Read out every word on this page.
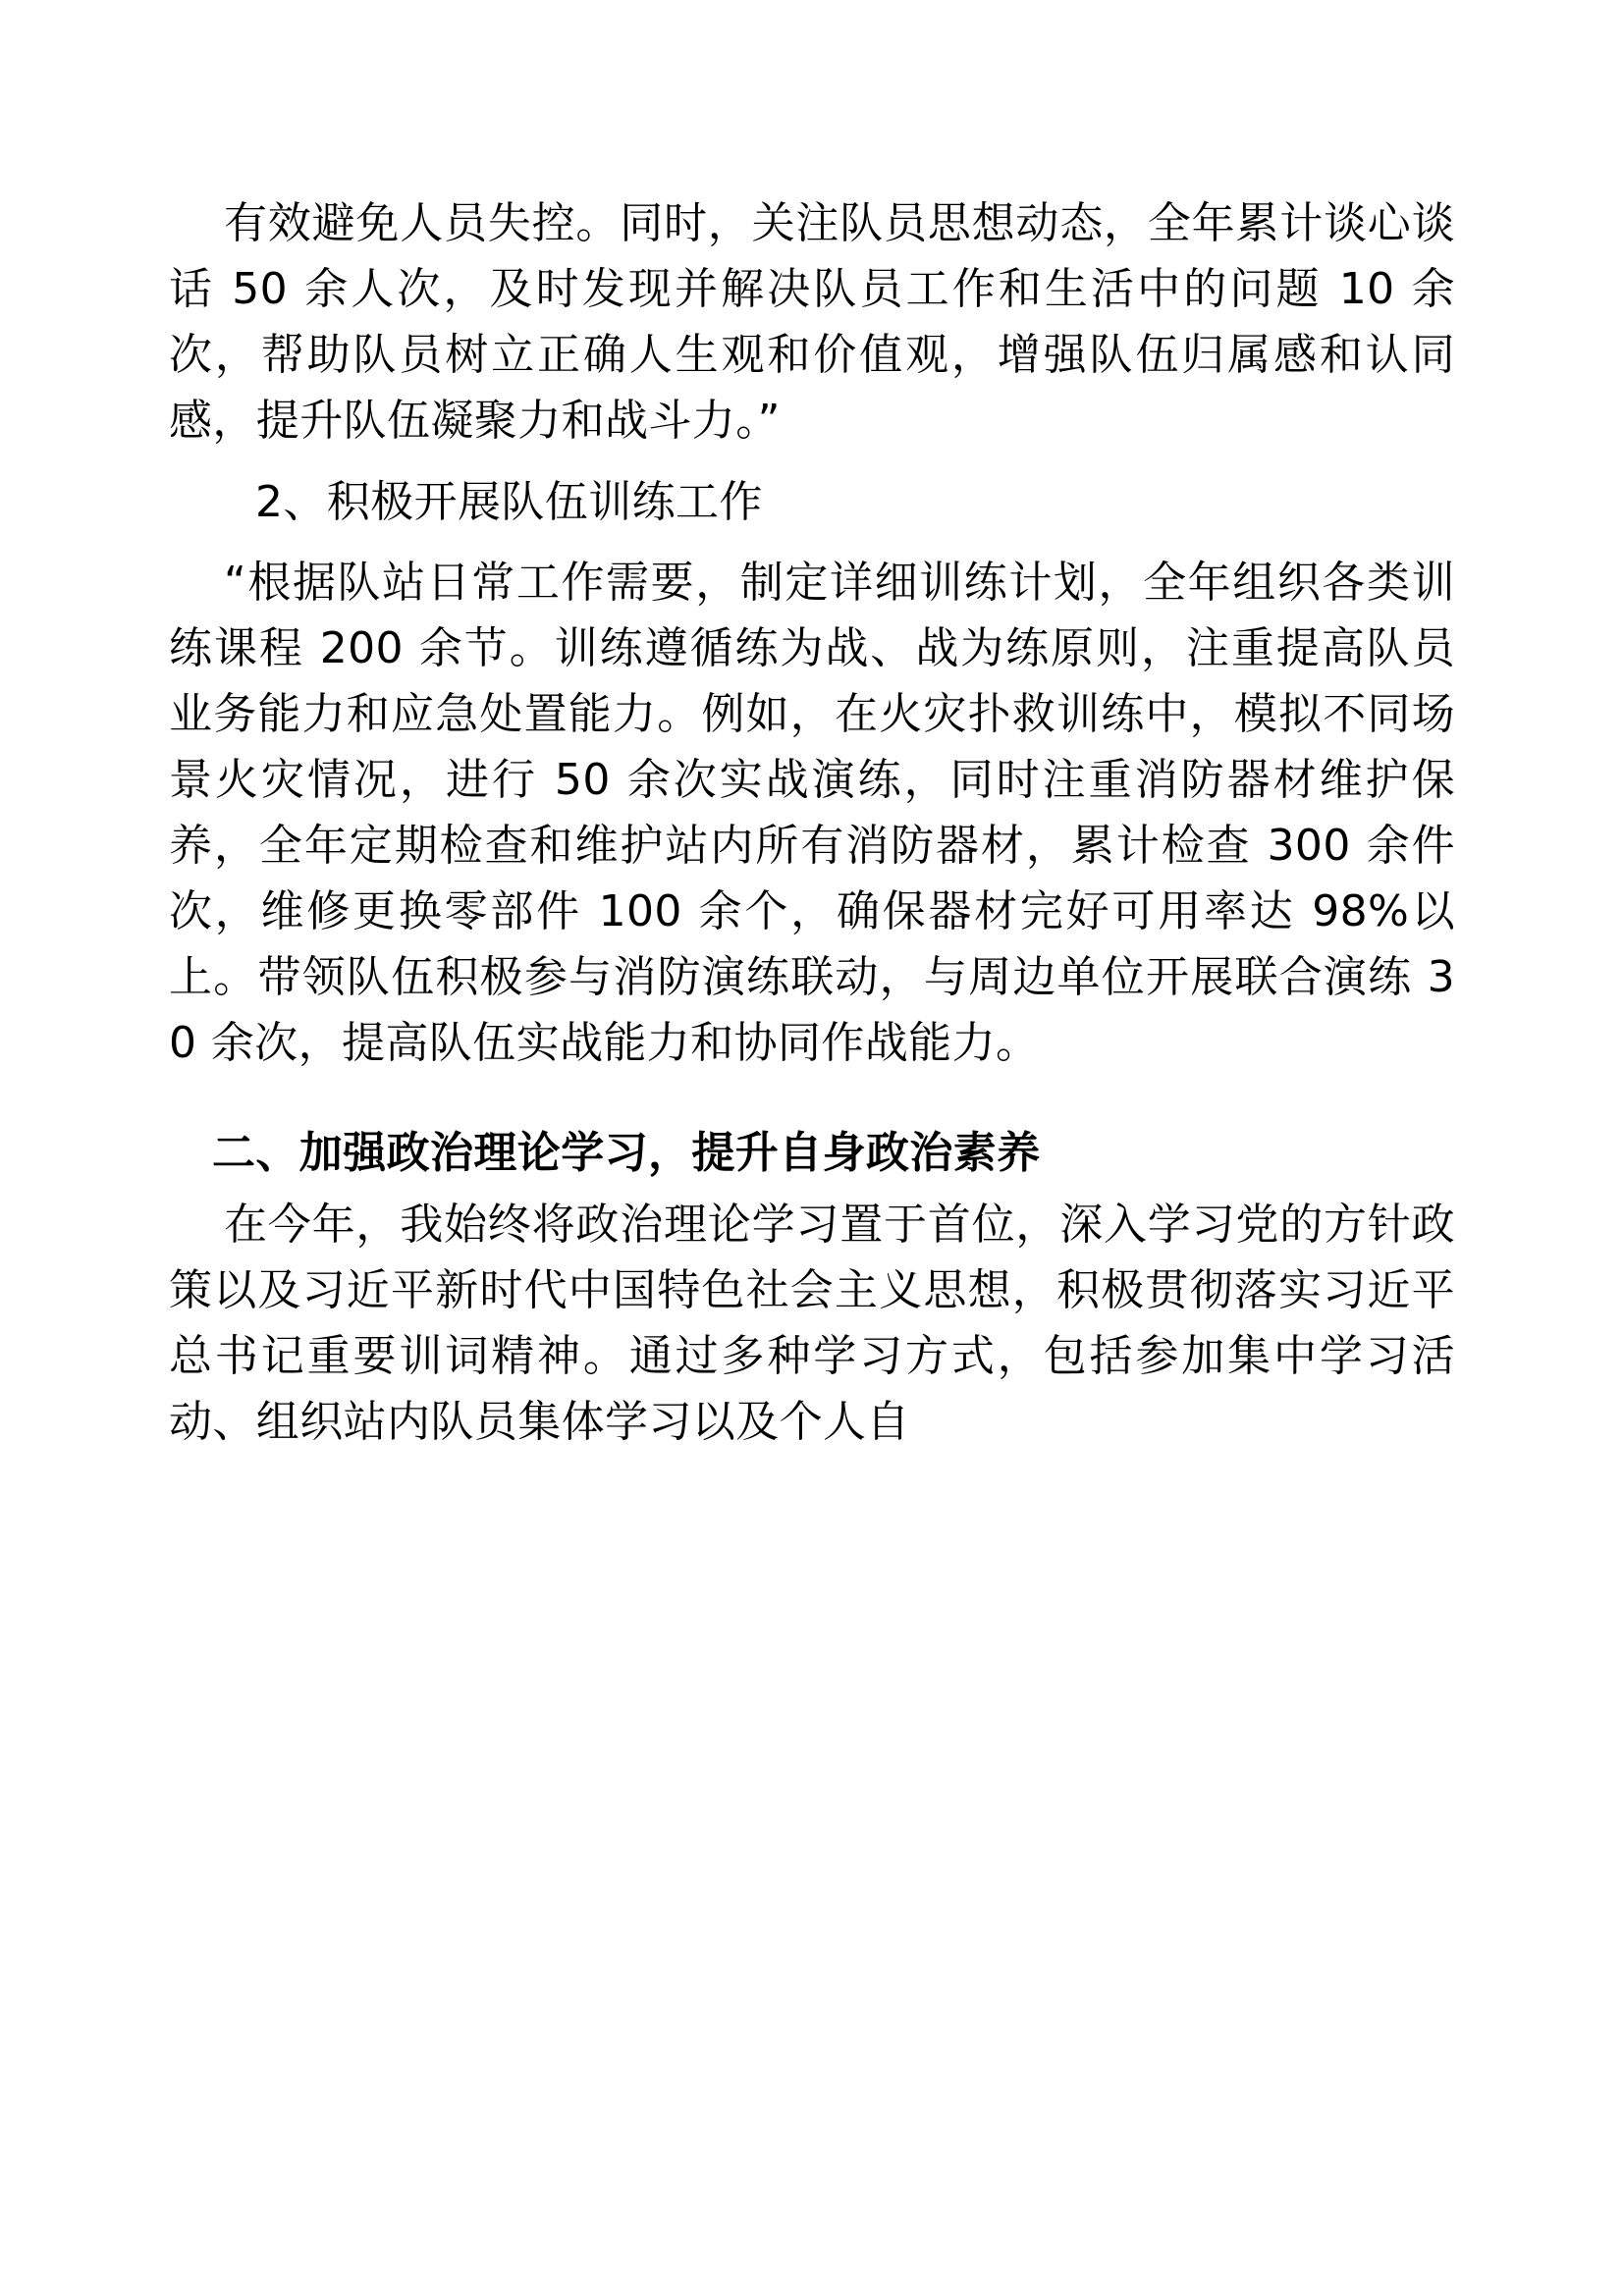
有效避免人员失控。同时，关注队员思想动态，全年累计谈心谈话 50 余人次，及时发现并解决队员工作和生活中的问题 10 余次，帮助队员树立正确人生观和价值观，增强队伍归属感和认同感，提升队伍凝聚力和战斗力。”

2、积极开展队伍训练工作

“根据队站日常工作需要，制定详细训练计划，全年组织各类训练课程 200 余节。训练遵循练为战、战为练原则，注重提高队员业务能力和应急处置能力。例如，在火灾扑救训练中，模拟不同场景火灾情况，进行 50 余次实战演练，同时注重消防器材维护保养，全年定期检查和维护站内所有消防器材，累计检查 300 余件次，维修更换零部件 100 余个，确保器材完好可用率达 98%以上。带领队伍积极参与消防演练联动，与周边单位开展联合演练 30 余次，提高队伍实战能力和协同作战能力。

二、加强政治理论学习，提升自身政治素养

在今年，我始终将政治理论学习置于首位，深入学习党的方针政策以及习近平新时代中国特色社会主义思想，积极贯彻落实习近平总书记重要训词精神。通过多种学习方式，包括参加集中学习活动、组织站内队员集体学习以及个人自
